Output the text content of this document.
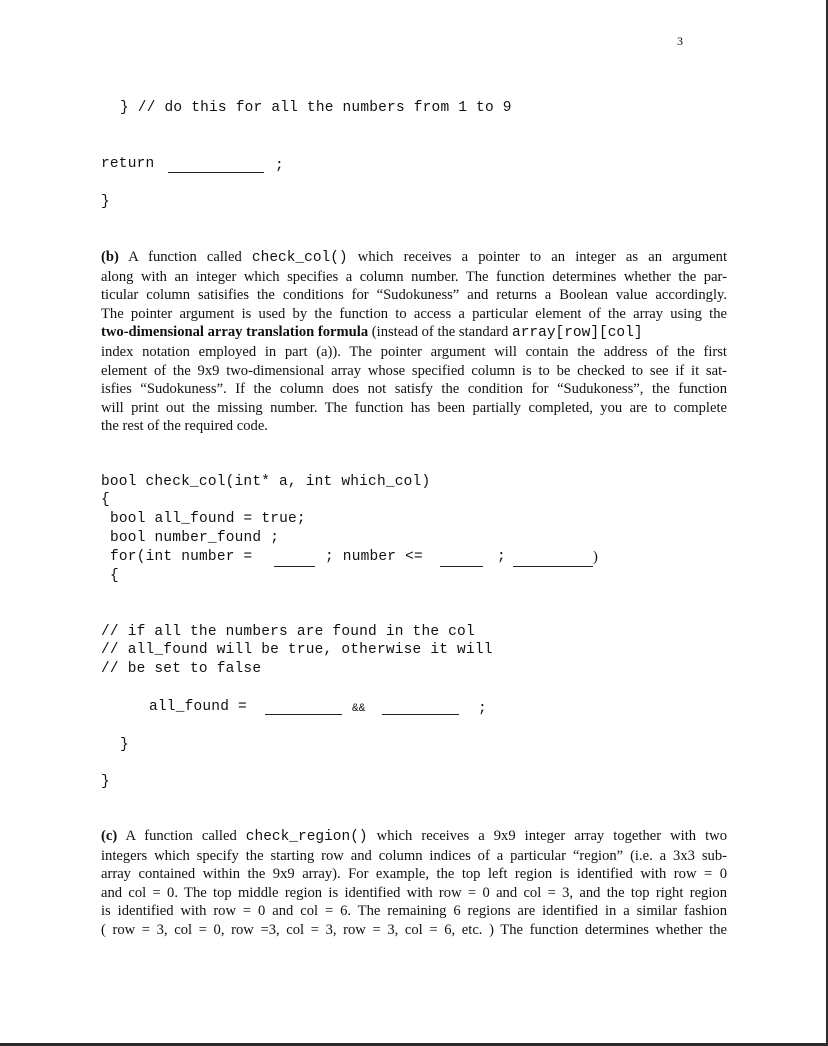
3
} // do this for all the numbers from 1 to 9
return	;
}
(b) A function called check_col() which receives a pointer to an integer as an argument
along with an integer which specifies a column number. The function determines whether the par-
ticular column satisifies the conditions for “Sudokuness” and returns a Boolean value accordingly.
The pointer argument is used by the function to access a particular element of the array using the
two-dimensional array translation formula (instead of the standard array[row][col]
index notation employed in part (a)). The pointer argument will contain the address of the first
element of the 9x9 two-dimensional array whose specified column is to be checked to see if it sat-
isfies “Sudokuness”. If the column does not satisfy the condition for “Sudukoness”, the function
will print out the missing number. The function has been partially completed, you are to complete
the rest of the required code.
bool check_col(int* a, int which_col)
{
bool all_found = true;
bool number_found ;
for(int number =	; number <=	;	)
{
// if all the numbers are found in the col
// all_found will be true, otherwise it will
// be set to false
all_found =	&&	;
}
}
(c) A function called check_region() which receives a 9x9 integer array together with two
integers which specify the starting row and column indices of a particular “region” (i.e. a 3x3 sub-
array contained within the 9x9 array). For example, the top left region is identified with row = 0
and col = 0. The top middle region is identified with row = 0 and col = 3, and the top right region
is identified with row = 0 and col = 6. The remaining 6 regions are identified in a similar fashion
( row = 3, col = 0, row =3, col = 3, row = 3, col = 6, etc. ) The function determines whether the
